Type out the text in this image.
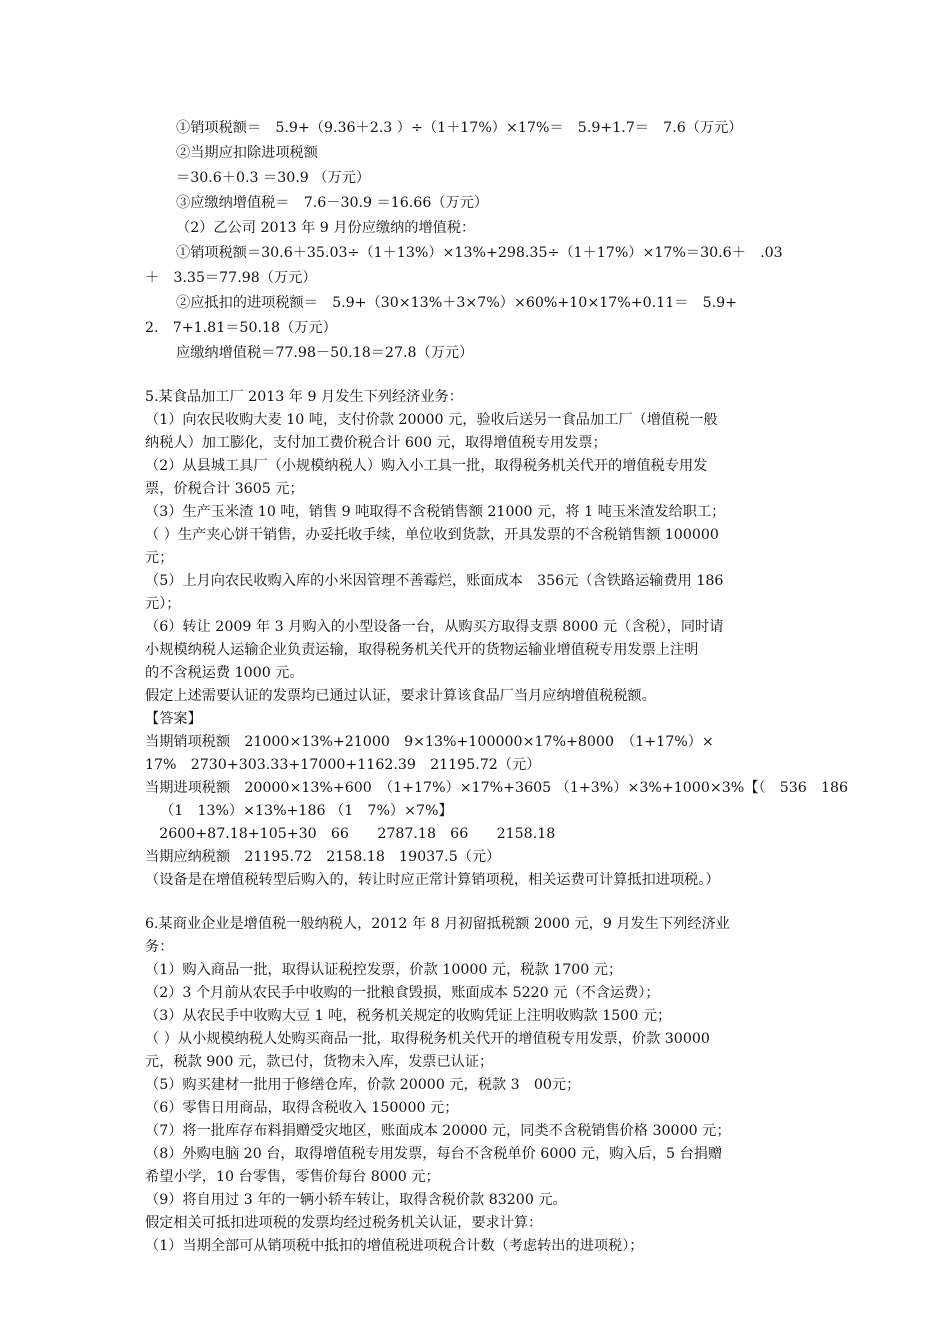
①销项税额＝　5.9+（9.36＋2.3 ）÷（1＋17%）×17%＝　5.9+1.7＝　7.6（万元）
②当期应扣除进项税额
＝30.6＋0.3 ＝30.9 （万元）
③应缴纳增值税＝　7.6－30.9 ＝16.66（万元）
（2）乙公司 2013 年 9 月份应缴纳的增值税：
①销项税额＝30.6＋35.03÷（1＋13%）×13%+298.35÷（1＋17%）×17%＝30.6＋　.03
＋　3.35＝77.98（万元）
②应抵扣的进项税额＝　5.9+（30×13%＋3×7%）×60%+10×17%+0.11＝　5.9+
2.　7+1.81＝50.18（万元）
应缴纳增值税＝77.98－50.18＝27.8（万元）
5.某食品加工厂 2013 年 9 月发生下列经济业务：
（1）向农民收购大麦 10 吨，支付价款 20000 元，验收后送另一食品加工厂（增值税一般
纳税人）加工膨化，支付加工费价税合计 600 元，取得增值税专用发票；
（2）从县城工具厂（小规模纳税人）购入小工具一批，取得税务机关代开的增值税专用发
票，价税合计 3605 元；
（3）生产玉米渣 10 吨，销售 9 吨取得不含税销售额 21000 元，将 1 吨玉米渣发给职工；
（ ）生产夹心饼干销售，办妥托收手续，单位收到货款，开具发票的不含税销售额 100000
元；
（5）上月向农民收购入库的小米因管理不善霉烂，账面成本　356元（含铁路运输费用 186
元）；
（6）转让 2009 年 3 月购入的小型设备一台，从购买方取得支票 8000 元（含税），同时请
小规模纳税人运输企业负责运输，取得税务机关代开的货物运输业增值税专用发票上注明
的不含税运费 1000 元。
假定上述需要认证的发票均已通过认证，要求计算该食品厂当月应纳增值税税额。
【答案】
当期销项税额　21000×13%+21000　9×13%+100000×17%+8000　（1+17%）×
17%　2730+303.33+17000+1162.39　21195.72（元）
当期进项税额　20000×13%+600　（1+17%）×17%+3605 （1+3%）×3%+1000×3%【（　536　186
（1　13%）×13%+186 （1　7%）×7%】
　2600+87.18+105+30　66　　2787.18　66　　2158.18
当期应纳税额　21195.72　2158.18　19037.5（元）
（设备是在增值税转型后购入的，转让时应正常计算销项税，相关运费可计算抵扣进项税。）
6.某商业企业是增值税一般纳税人，2012 年 8 月初留抵税额 2000 元，9 月发生下列经济业
务：
（1）购入商品一批，取得认证税控发票，价款 10000 元，税款 1700 元；
（2）3 个月前从农民手中收购的一批粮食毁损，账面成本 5220 元（不含运费）；
（3）从农民手中收购大豆 1 吨，税务机关规定的收购凭证上注明收购款 1500 元；
（ ）从小规模纳税人处购买商品一批，取得税务机关代开的增值税专用发票，价款 30000
元，税款 900 元，款已付，货物未入库，发票已认证；
（5）购买建材一批用于修缮仓库，价款 20000 元，税款 3　00元；
（6）零售日用商品，取得含税收入 150000 元；
（7）将一批库存布料捐赠受灾地区，账面成本 20000 元，同类不含税销售价格 30000 元；
（8）外购电脑 20 台，取得增值税专用发票，每台不含税单价 6000 元，购入后，5 台捐赠
希望小学，10 台零售，零售价每台 8000 元；
（9）将自用过 3 年的一辆小轿车转让，取得含税价款 83200 元。
假定相关可抵扣进项税的发票均经过税务机关认证，要求计算：
（1）当期全部可从销项税中抵扣的增值税进项税合计数（考虑转出的进项税）；
